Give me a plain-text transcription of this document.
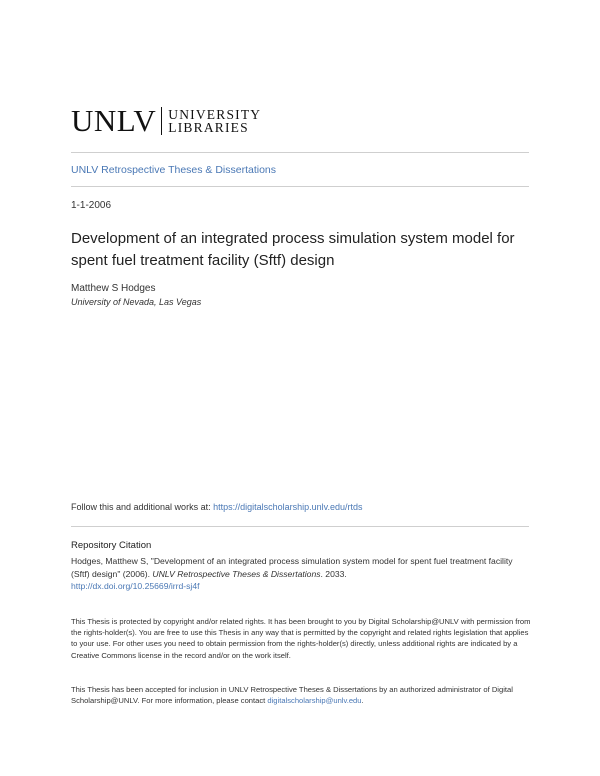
UNLV UNIVERSITY
LIBRARIES
UNLV Retrospective Theses & Dissertations
1-1-2006
Development of an integrated process simulation system model for spent fuel treatment facility (Sftf) design
Matthew S Hodges
University of Nevada, Las Vegas
Follow this and additional works at: https://digitalscholarship.unlv.edu/rtds
Repository Citation
Hodges, Matthew S, "Development of an integrated process simulation system model for spent fuel treatment facility (Sftf) design" (2006). UNLV Retrospective Theses & Dissertations. 2033.
http://dx.doi.org/10.25669/irrd-sj4f
This Thesis is protected by copyright and/or related rights. It has been brought to you by Digital Scholarship@UNLV with permission from the rights-holder(s). You are free to use this Thesis in any way that is permitted by the copyright and related rights legislation that applies to your use. For other uses you need to obtain permission from the rights-holder(s) directly, unless additional rights are indicated by a Creative Commons license in the record and/or on the work itself.
This Thesis has been accepted for inclusion in UNLV Retrospective Theses & Dissertations by an authorized administrator of Digital Scholarship@UNLV. For more information, please contact digitalscholarship@unlv.edu.
